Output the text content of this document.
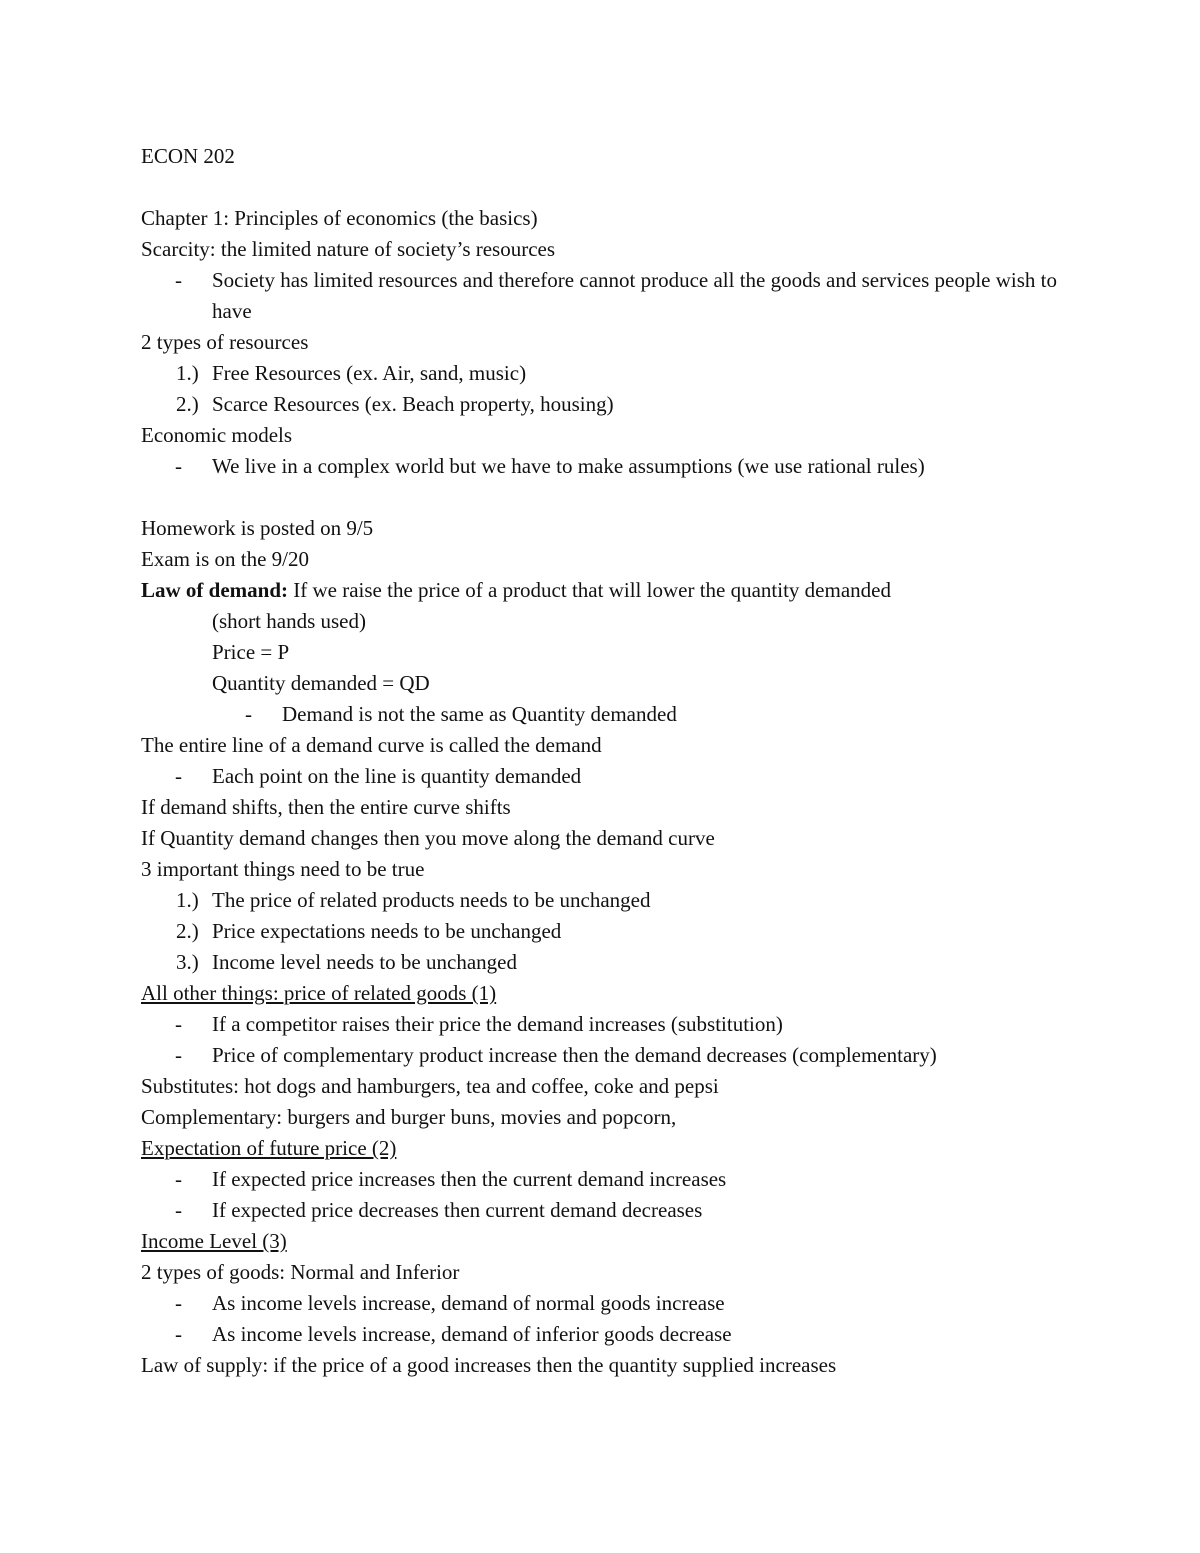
ECON 202
Chapter 1: Principles of economics (the basics)
Scarcity: the limited nature of society’s resources
- Society has limited resources and therefore cannot produce all the goods and services people wish to have
2 types of resources
1.) Free Resources (ex. Air, sand, music)
2.) Scarce Resources (ex. Beach property, housing)
Economic models
- We live in a complex world but we have to make assumptions (we use rational rules)
Homework is posted on 9/5
Exam is on the 9/20
Law of demand: If we raise the price of a product that will lower the quantity demanded
(short hands used)
Price = P
Quantity demanded = QD
- Demand is not the same as Quantity demanded
The entire line of a demand curve is called the demand
- Each point on the line is quantity demanded
If demand shifts, then the entire curve shifts
If Quantity demand changes then you move along the demand curve
3 important things need to be true
1.) The price of related products needs to be unchanged
2.) Price expectations needs to be unchanged
3.) Income level needs to be unchanged
All other things: price of related goods (1)
- If a competitor raises their price the demand increases (substitution)
- Price of complementary product increase then the demand decreases (complementary)
Substitutes: hot dogs and hamburgers, tea and coffee, coke and pepsi
Complementary: burgers and burger buns, movies and popcorn,
Expectation of future price (2)
- If expected price increases then the current demand increases
- If expected price decreases then current demand decreases
Income Level (3)
2 types of goods: Normal and Inferior
- As income levels increase, demand of normal goods increase
- As income levels increase, demand of inferior goods decrease
Law of supply: if the price of a good increases then the quantity supplied increases
